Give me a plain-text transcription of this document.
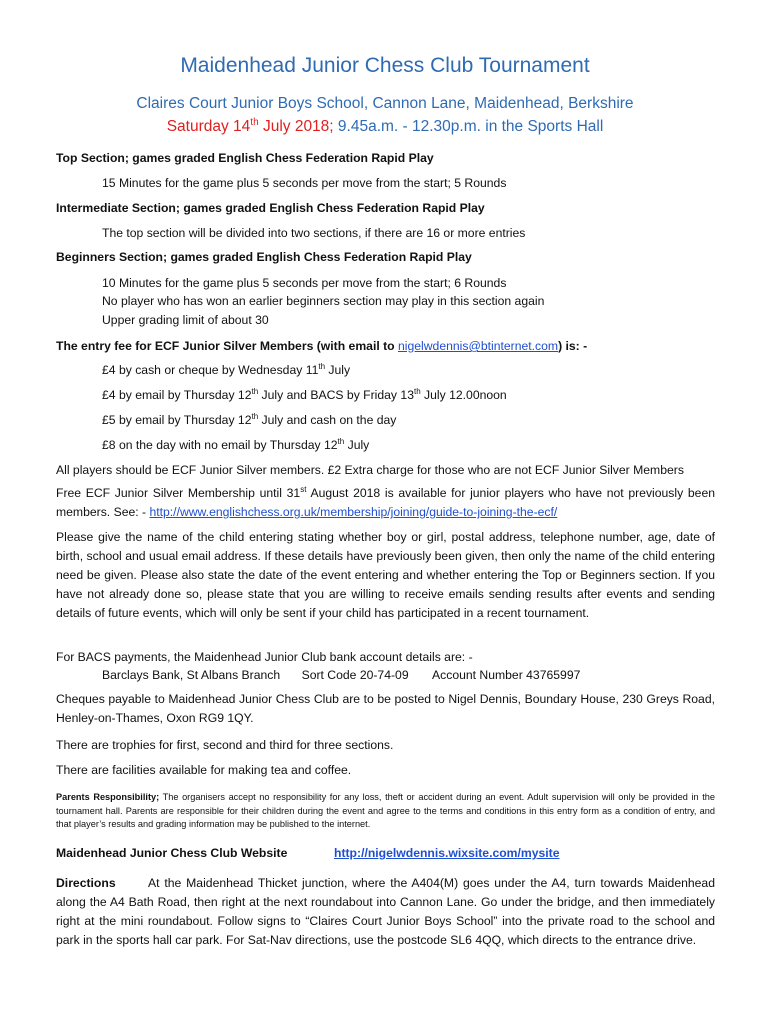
Maidenhead Junior Chess Club Tournament
Claires Court Junior Boys School, Cannon Lane, Maidenhead, Berkshire
Saturday 14th July 2018; 9.45a.m. - 12.30p.m. in the Sports Hall
Top Section; games graded English Chess Federation Rapid Play
15 Minutes for the game plus 5 seconds per move from the start; 5 Rounds
Intermediate Section; games graded English Chess Federation Rapid Play
The top section will be divided into two sections, if there are 16 or more entries
Beginners Section; games graded English Chess Federation Rapid Play
10 Minutes for the game plus 5 seconds per move from the start; 6 Rounds
No player who has won an earlier beginners section may play in this section again
Upper grading limit of about 30
The entry fee for ECF Junior Silver Members (with email to nigelwdennis@btinternet.com) is: -
£4 by cash or cheque by Wednesday 11th July
£4 by email by Thursday 12th July and BACS by Friday 13th July 12.00noon
£5 by email by Thursday 12th July and cash on the day
£8 on the day with no email by Thursday 12th July
All players should be ECF Junior Silver members. £2 Extra charge for those who are not ECF Junior Silver Members
Free ECF Junior Silver Membership until 31st August 2018 is available for junior players who have not previously been members. See: - http://www.englishchess.org.uk/membership/joining/guide-to-joining-the-ecf/
Please give the name of the child entering stating whether boy or girl, postal address, telephone number, age, date of birth, school and usual email address. If these details have previously been given, then only the name of the child entering need be given. Please also state the date of the event entering and whether entering the Top or Beginners section. If you have not already done so, please state that you are willing to receive emails sending results after events and sending details of future events, which will only be sent if your child has participated in a recent tournament.
For BACS payments, the Maidenhead Junior Club bank account details are: -
Barclays Bank, St Albans Branch Sort Code 20-74-09 Account Number 43765997
Cheques payable to Maidenhead Junior Chess Club are to be posted to Nigel Dennis, Boundary House, 230 Greys Road, Henley-on-Thames, Oxon RG9 1QY.
There are trophies for first, second and third for three sections.
There are facilities available for making tea and coffee.
Parents Responsibility; The organisers accept no responsibility for any loss, theft or accident during an event. Adult supervision will only be provided in the tournament hall. Parents are responsible for their children during the event and agree to the terms and conditions in this entry form as a condition of entry, and that player’s results and grading information may be published to the internet.
Maidenhead Junior Chess Club Website	http://nigelwdennis.wixsite.com/mysite
Directions	At the Maidenhead Thicket junction, where the A404(M) goes under the A4, turn towards Maidenhead along the A4 Bath Road, then right at the next roundabout into Cannon Lane. Go under the bridge, and then immediately right at the mini roundabout. Follow signs to “Claires Court Junior Boys School” into the private road to the school and park in the sports hall car park. For Sat-Nav directions, use the postcode SL6 4QQ, which directs to the entrance drive.
